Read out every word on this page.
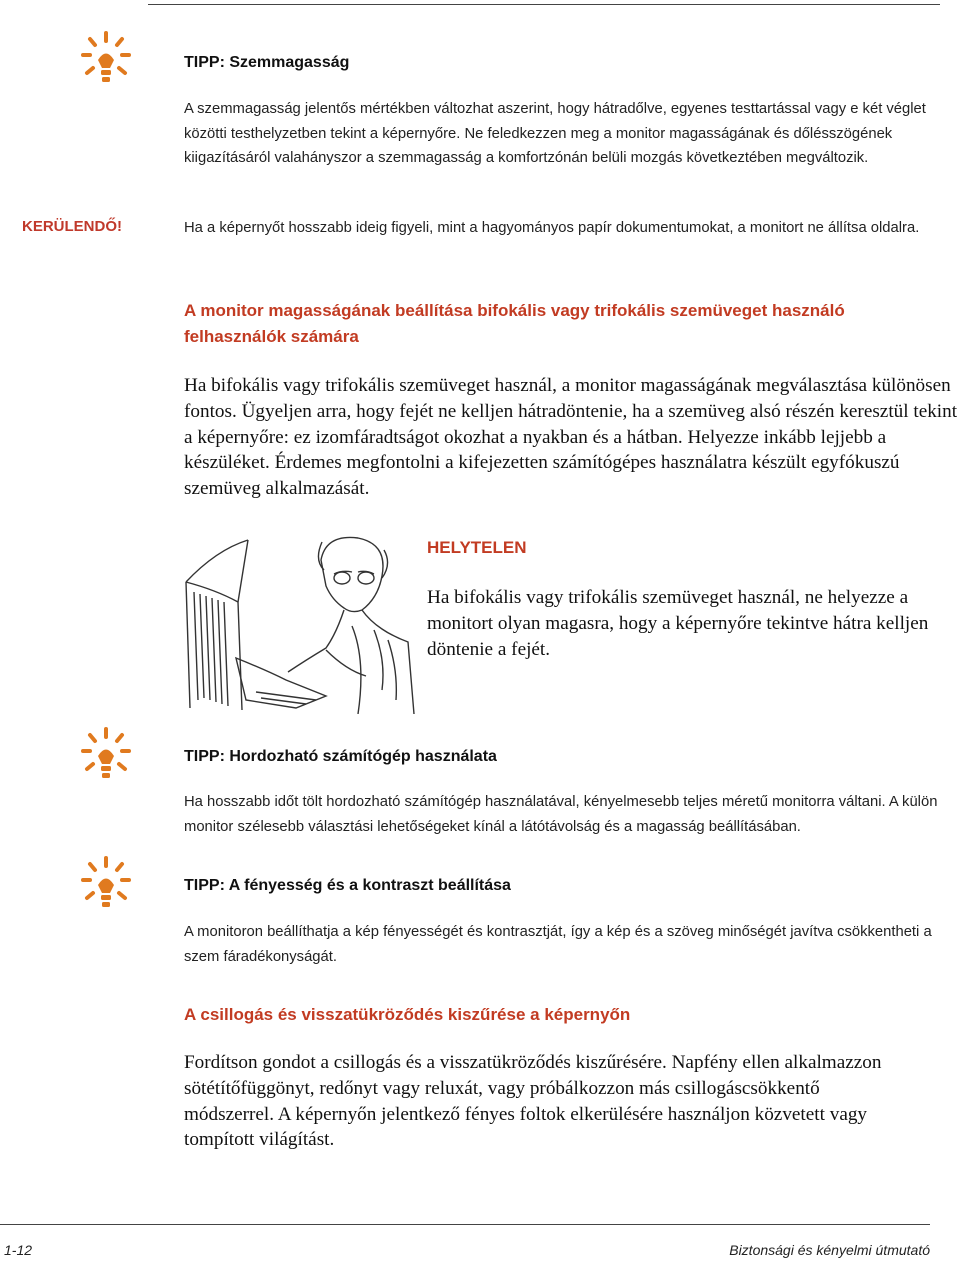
TIPP: Szemmagasság
A szemmagasság jelentős mértékben változhat aszerint, hogy hátradőlve, egyenes testtartással vagy e két véglet közötti testhelyzetben tekint a képernyőre. Ne feledkezzen meg a monitor magasságának és dőlésszögének kiigazításáról valahányszor a szemmagasság a komfortzónán belüli mozgás következtében megváltozik.
KERÜLENDŐ!	Ha a képernyőt hosszabb ideig figyeli, mint a hagyományos papír dokumentumokat, a monitort ne állítsa oldalra.
A monitor magasságának beállítása bifokális vagy trifokális szemüveget használó felhasználók számára
Ha bifokális vagy trifokális szemüveget használ, a monitor magasságának megválasztása különösen fontos. Ügyeljen arra, hogy fejét ne kelljen hátradöntenie, ha a szemüveg alsó részén keresztül tekint a képernyőre: ez izomfáradtságot okozhat a nyakban és a hátban. Helyezze inkább lejjebb a készüléket. Érdemes megfontolni a kifejezetten számítógépes használatra készült egyfókuszú szemüveg alkalmazását.
HELYTELEN
Ha bifokális vagy trifokális szemüveget használ, ne helyezze a monitort olyan magasra, hogy a képernyőre tekintve hátra kelljen döntenie a fejét.
TIPP: Hordozható számítógép használata
Ha hosszabb időt tölt hordozható számítógép használatával, kényelmesebb teljes méretű monitorra váltani. A külön monitor szélesebb választási lehetőségeket kínál a látótávolság és a magasság beállításában.
TIPP: A fényesség és a kontraszt beállítása
A monitoron beállíthatja a kép fényességét és kontrasztját, így a kép és a szöveg minőségét javítva csökkentheti a szem fáradékonyságát.
A csillogás és visszatükröződés kiszűrése a képernyőn
Fordítson gondot a csillogás és a visszatükröződés kiszűrésére. Napfény ellen alkalmazzon sötétítőfüggönyt, redőnyt vagy reluxát, vagy próbálkozzon más csillogáscsökkentő módszerrel. A képernyőn jelentkező fényes foltok elkerülésére használjon közvetett vagy tompított világítást.
1-12	Biztonsági és kényelmi útmutató
